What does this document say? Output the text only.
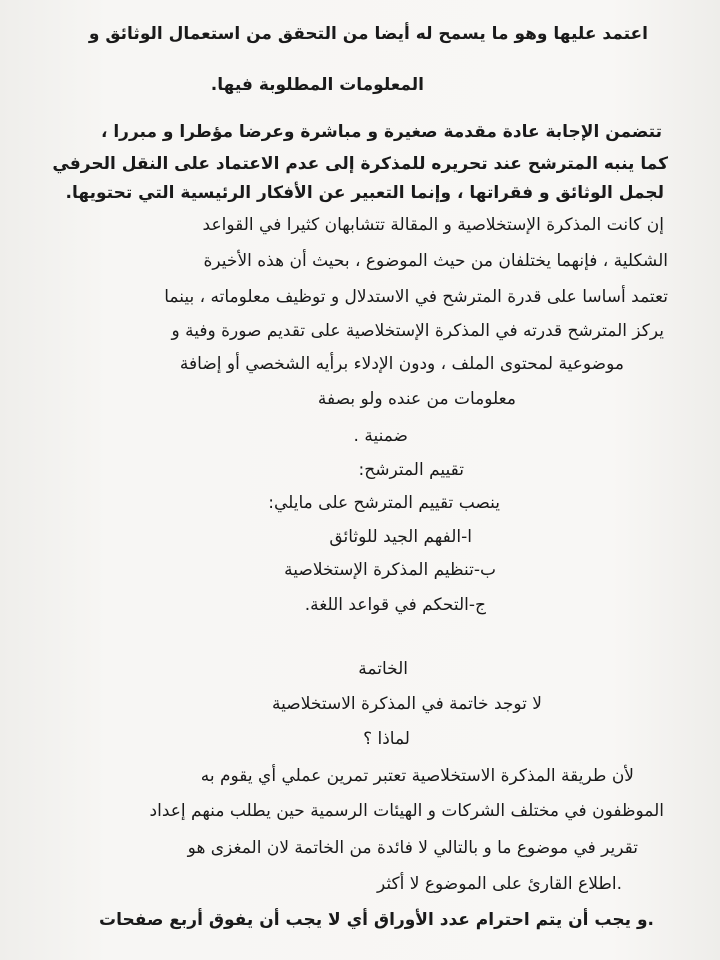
اعتمد عليها وهو ما يسمح له أيضا من التحقق من استعمال الوثائق و
المعلومات المطلوبة فيها.
تتضمن الإجابة عادة مقدمة صغيرة و مباشرة وعرضا مؤطرا و مبررا ،
كما ينبه المترشح عند تحريره للمذكرة إلى عدم الاعتماد على النقل الحرفي
لجمل الوثائق و فقراتها ، وإنما التعبير عن الأفكار الرئيسية التي تحتويها.
إن كانت المذكرة الإستخلاصية و المقالة تتشابهان كثيرا في القواعد
الشكلية ، فإنهما يختلفان من حيث الموضوع ، بحيث أن هذه الأخيرة
تعتمد أساسا على قدرة المترشح في الاستدلال و توظيف معلوماته ، بينما
يركز المترشح قدرته في المذكرة الإستخلاصية على تقديم صورة وفية و
موضوعية لمحتوى الملف ، ودون الإدلاء برأيه الشخصي أو إضافة
معلومات من عنده ولو بصفة
ضمنية .
تقييم المترشح:
ينصب تقييم المترشح على مايلي:
ا-الفهم الجيد للوثائق
ب-تنظيم المذكرة الإستخلاصية
ج-التحكم في قواعد اللغة.
الخاتمة
لا توجد خاتمة في المذكرة الاستخلاصية
لماذا ؟
لأن طريقة المذكرة الاستخلاصية تعتبر تمرين عملي أي يقوم به
الموظفون في مختلف الشركات و الهيئات الرسمية حين يطلب منهم إعداد
تقرير في موضوع ما و بالتالي لا فائدة من الخاتمة لان المغزى هو
.اطلاع القارئ على الموضوع لا أكثر
.و يجب أن يتم احترام عدد الأوراق أي لا يجب أن يفوق أربع صفحات
